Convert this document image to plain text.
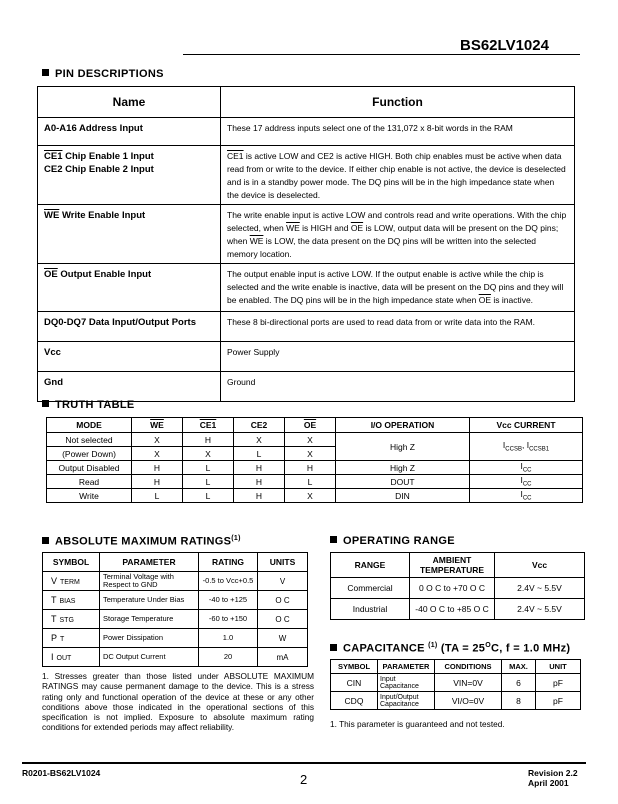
BS62LV1024
PIN DESCRIPTIONS
Name	Function
A0-A16 Address Input	These 17 address inputs select one of the 131,072 x 8-bit words in the RAM
CE1 Chip Enable 1 Input
CE2 Chip Enable 2 Input	CE1 is active LOW and CE2 is active HIGH. Both chip enables must be active when data read from or write to the device. If either chip enable is not active, the device is deselected and is in a standby power mode. The DQ pins will be in the high impedance state when the device is deselected.
$\overline{WE}$ Write Enable Input	The write enable input is active LOW and controls read and write operations. With the chip selected, when $\overline{WE}$ is HIGH and $\overline{OE}$ is LOW, output data will be present on the DQ pins; when $\overline{WE}$ is LOW, the data present on the DQ pins will be written into the selected memory location.
$\overline{OE}$ Output Enable Input	The output enable input is active LOW. If the output enable is active while the chip is selected and the write enable is inactive, data will be present on the DQ pins and they will be enabled. The DQ pins will be in the high impedance state when $\overline{OE}$ is inactive.
DQ0-DQ7 Data Input/Output Ports	These 8 bi-directional ports are used to read data from or write data into the RAM.
Vcc	Power Supply
Gnd	Ground
TRUTH TABLE
MODE	$\overline{WE}$	CE1	CE2	$\overline{OE}$	I/O OPERATION	Vcc CURRENT
Not selected	X	H	X	X	High Z	$I_{CCSB}$, $I_{CCSB1}$
(Power Down)	X	X	L	X		
Output Disabled	H	L	H	H	High Z	$I_{CC}$
Read	H	L	H	L	DOUT	$I_{CC}$
Write	L	L	H	X	DIN	$I_{CC}$
ABSOLUTE MAXIMUM RATINGS$^{(1)}$
SYMBOL	PARAMETER	RATING	UNITS
V TERM	Terminal Voltage with Respect to GND	-0.5 to Vcc+0.5	V
T BIAS	Temperature Under Bias	-40 to +125	O C
T STG	Storage Temperature	-60 to +150	O C
P T	Power Dissipation	1.0	W
I OUT	DC Output Current	20	mA
1. Stresses greater than those listed under ABSOLUTE MAXIMUM RATINGS may cause permanent damage to the device. This is a stress rating only and functional operation of the device at these or any other conditions above those indicated in the operational sections of this specification is not implied. Exposure to absolute maximum rating conditions for extended periods may affect reliability.
OPERATING RANGE
RANGE	AMBIENT TEMPERATURE	Vcc
Commercial	0 O C to +70 O C	2.4V ~ 5.5V
Industrial	-40 O C to +85 O C	2.4V ~ 5.5V
CAPACITANCE $^{(1)}$ ($TA = 25^OC$, f = 1.0 MHz)
SYMBOL	PARAMETER	CONDITIONS	MAX.	UNIT
CIN	Input Capacitance	VIN=0V	6	pF
CDQ	Input/Output Capacitance	VI/O=0V	8	pF
1. This parameter is guaranteed and not tested.
R0201-BS62LV1024	2	Revision 2.2
April 2001
